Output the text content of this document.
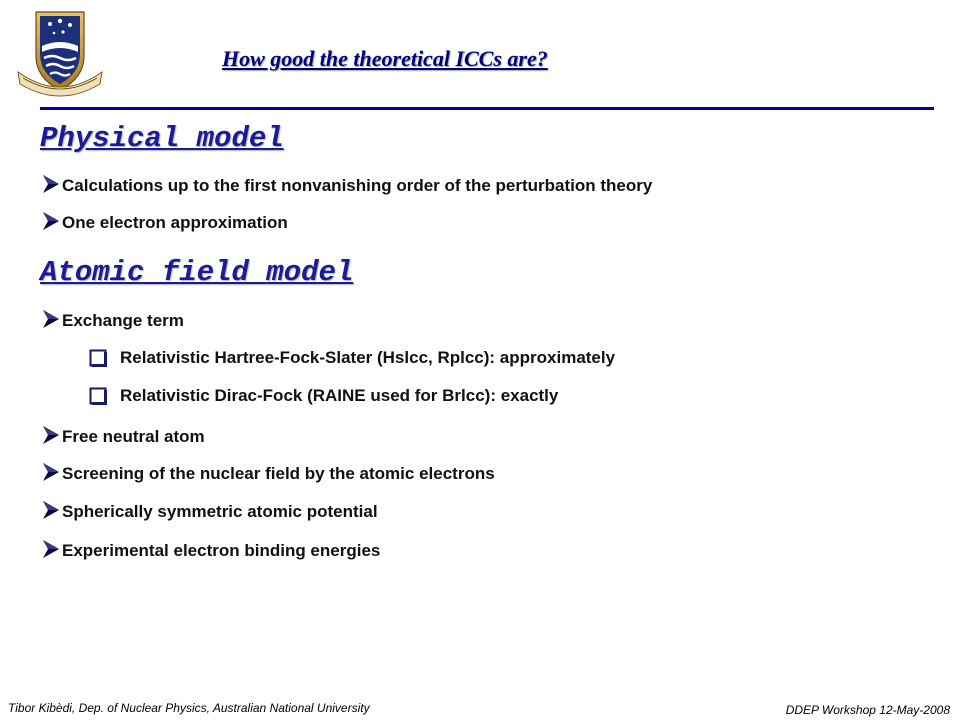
How good the theoretical ICCs are?
Physical model
Calculations up to the first nonvanishing order of the perturbation theory
One electron approximation
Atomic field model
Exchange term
Relativistic Hartree-Fock-Slater (Hslcc, Rplcc): approximately
Relativistic Dirac-Fock (RAINE used for Brlcc): exactly
Free neutral atom
Screening of the nuclear field by the atomic electrons
Spherically symmetric atomic potential
Experimental electron binding energies
Tibor Kibèdi, Dep. of Nuclear Physics, Australian National University	DDEP Workshop 12-May-2008
